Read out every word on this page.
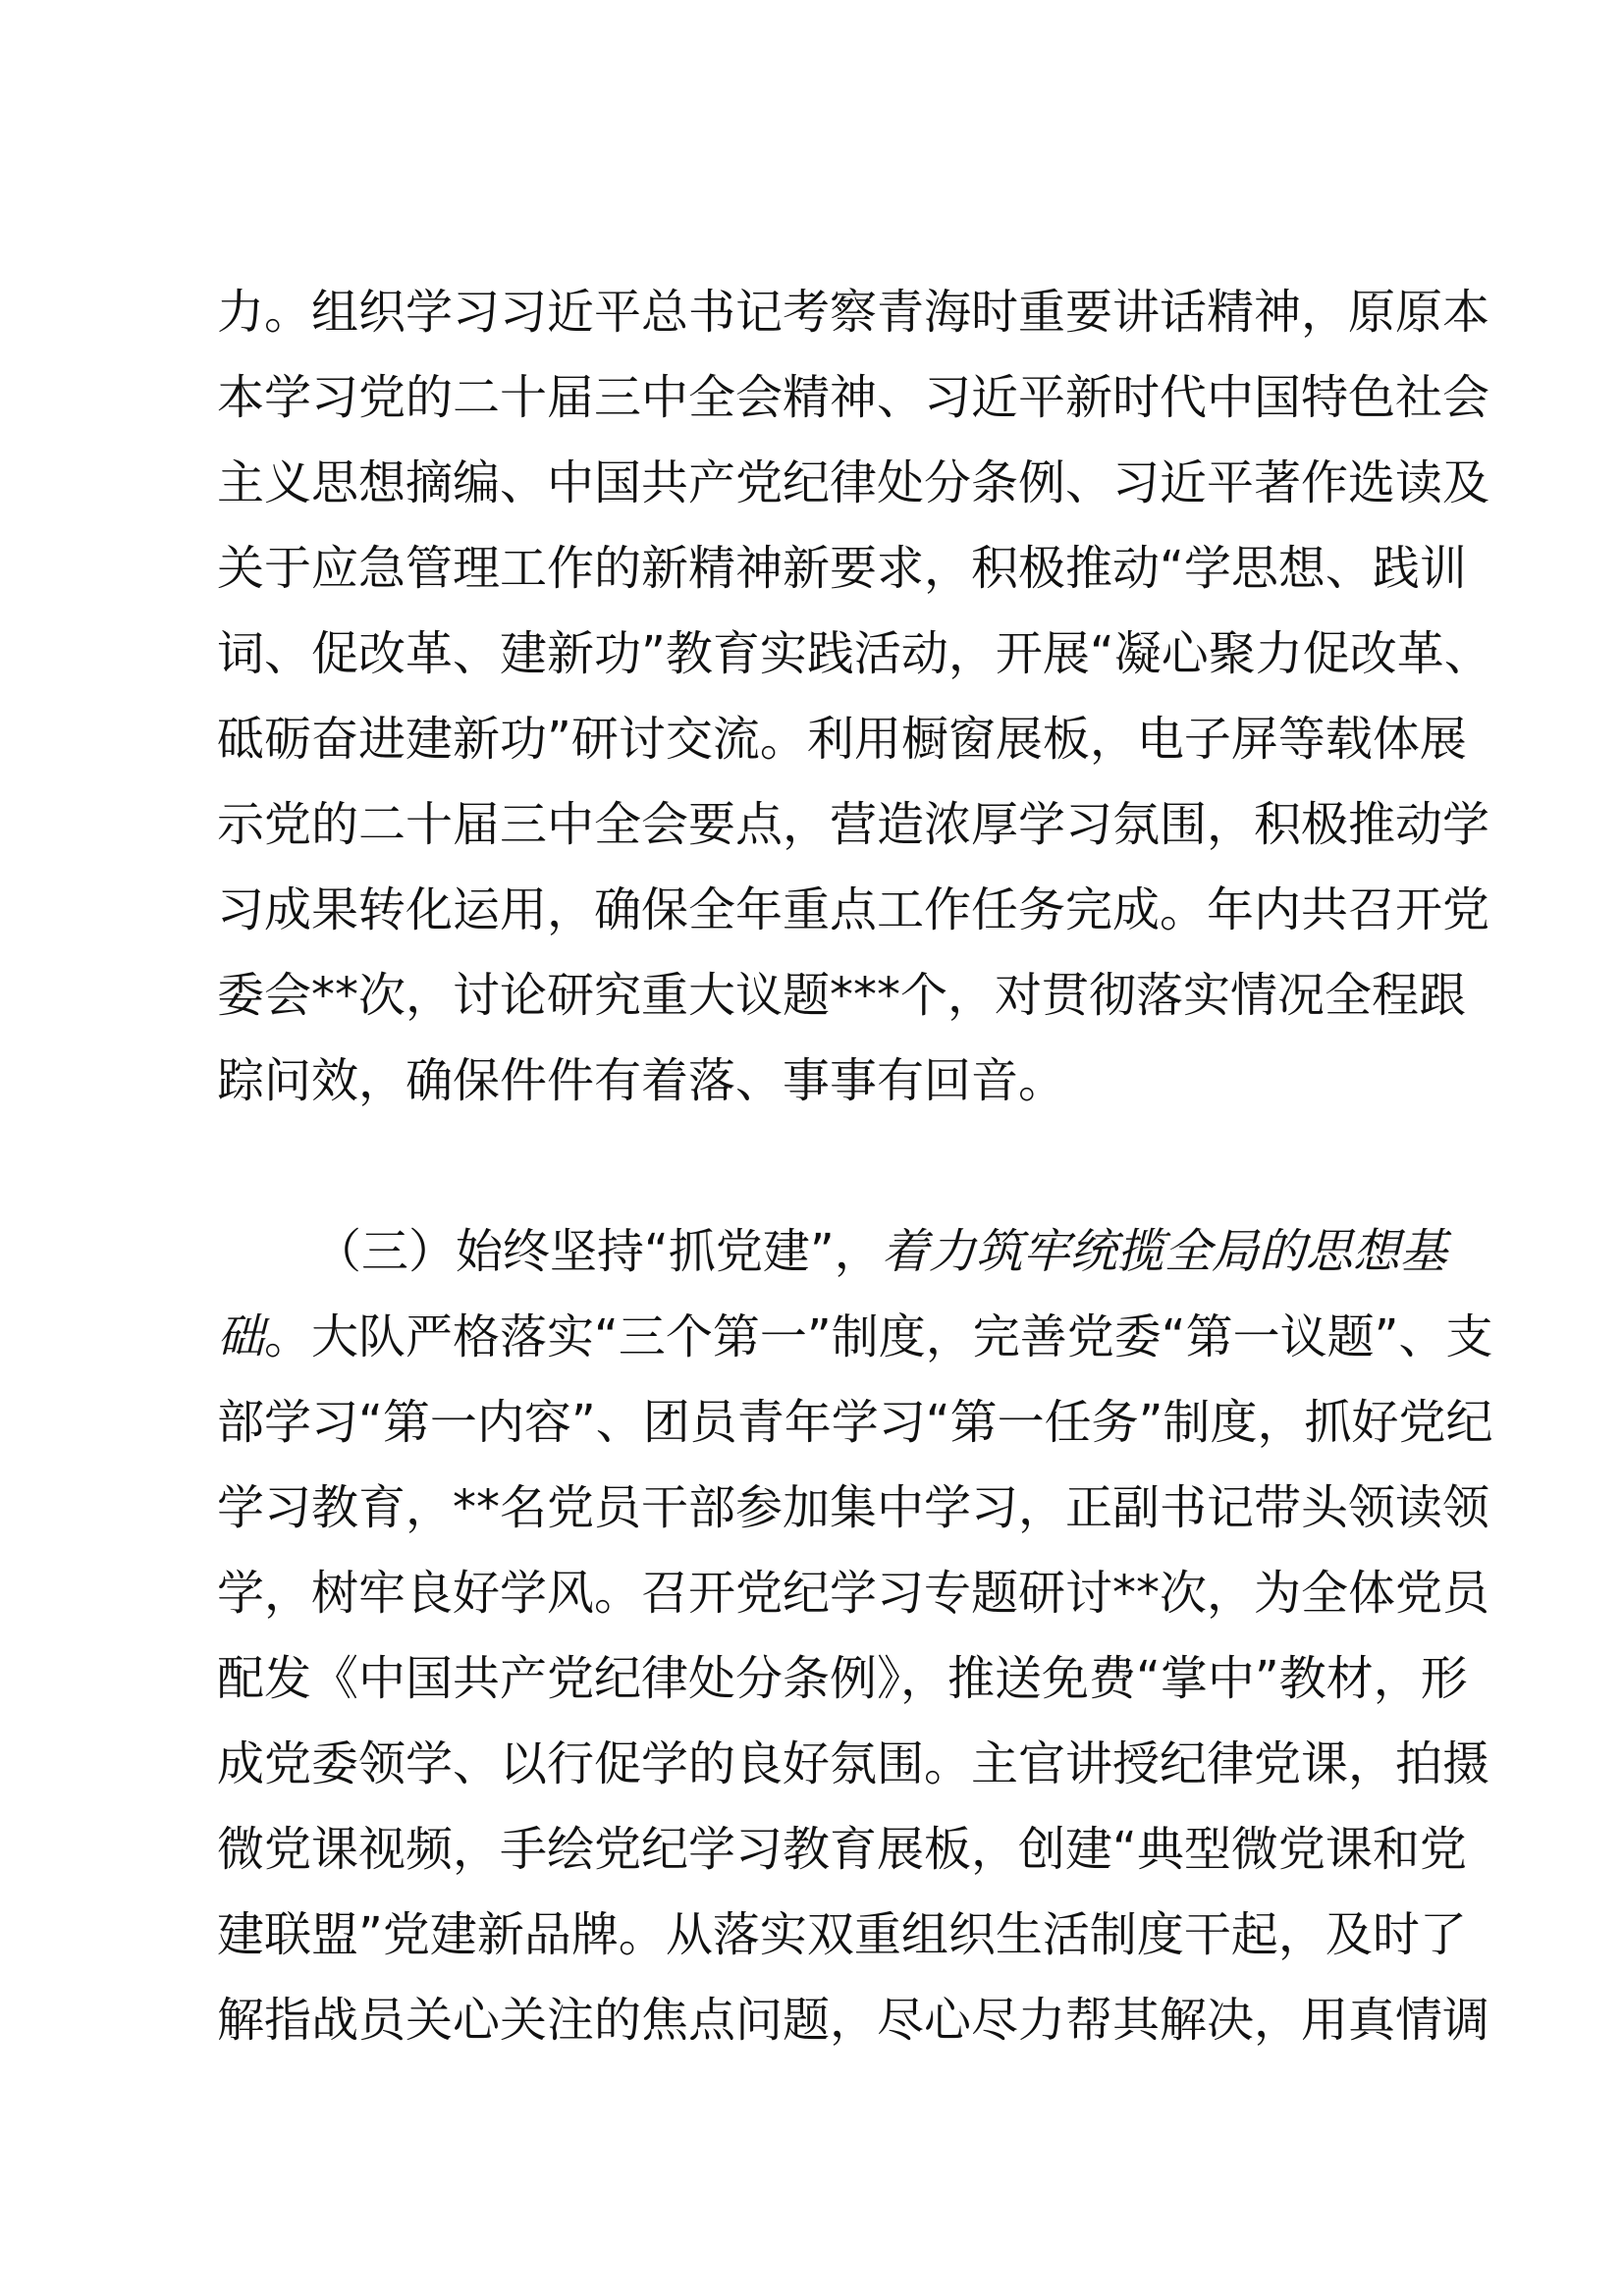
力。组织学习习近平总书记考察青海时重要讲话精神，原原本
本学习党的二十届三中全会精神、习近平新时代中国特色社会
主义思想摘编、中国共产党纪律处分条例、习近平著作选读及
关于应急管理工作的新精神新要求，积极推动“学思想、践训
词、促改革、建新功”教育实践活动，开展“凝心聚力促改革、
砥砺奋进建新功”研讨交流。利用橱窗展板，电子屏等载体展
示党的二十届三中全会要点，营造浓厚学习氛围，积极推动学
习成果转化运用，确保全年重点工作任务完成。年内共召开党
委会**次，讨论研究重大议题***个，对贯彻落实情况全程跟
踪问效，确保件件有着落、事事有回音。
（三）始终坚持“抓党建”，着力筑牢统揽全局的思想基
础。大队严格落实“三个第一”制度，完善党委“第一议题”、支
部学习“第一内容”、团员青年学习“第一任务”制度，抓好党纪
学习教育，**名党员干部参加集中学习，正副书记带头领读领
学，树牢良好学风。召开党纪学习专题研讨**次，为全体党员
配发《中国共产党纪律处分条例》，推送免费“掌中”教材，形
成党委领学、以行促学的良好氛围。主官讲授纪律党课，拍摄
微党课视频，手绘党纪学习教育展板，创建“典型微党课和党
建联盟”党建新品牌。从落实双重组织生活制度干起，及时了
解指战员关心关注的焦点问题，尽心尽力帮其解决，用真情调
